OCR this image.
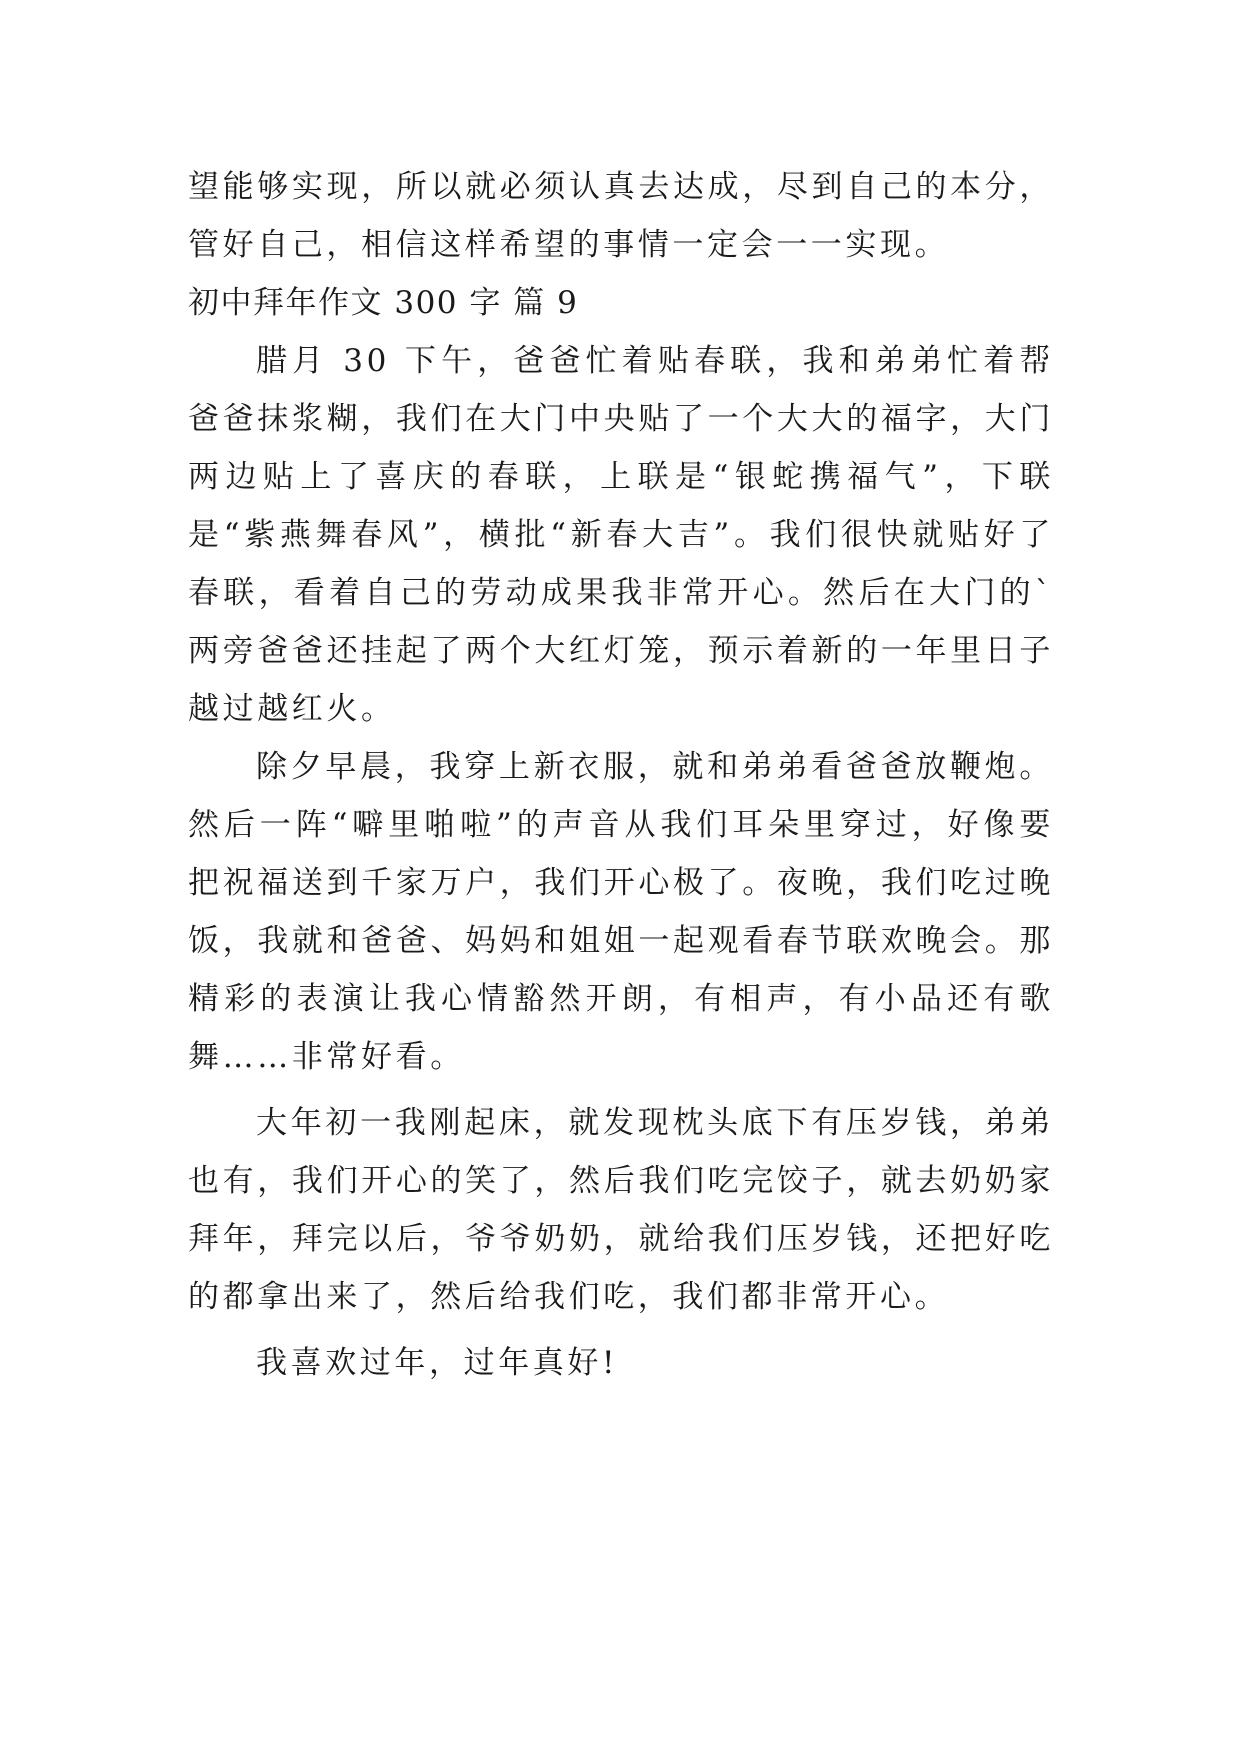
望能够实现，所以就必须认真去达成，尽到自己的本分，管好自己，相信这样希望的事情一定会一一实现。

初中拜年作文 300 字 篇 9

腊月 30 下午，爸爸忙着贴春联，我和弟弟忙着帮爸爸抹浆糊，我们在大门中央贴了一个大大的福字，大门两边贴上了喜庆的春联，上联是“银蛇携福气”，下联是“紫燕舞春风”，横批“新春大吉”。我们很快就贴好了春联，看着自己的劳动成果我非常开心。然后在大门的`两旁爸爸还挂起了两个大红灯笼，预示着新的一年里日子越过越红火。

除夕早晨，我穿上新衣服，就和弟弟看爸爸放鞭炮。然后一阵“噼里啪啦”的声音从我们耳朵里穿过，好像要把祝福送到千家万户，我们开心极了。夜晚，我们吃过晚饭，我就和爸爸、妈妈和姐姐一起观看春节联欢晚会。那精彩的表演让我心情豁然开朗，有相声，有小品还有歌舞……非常好看。

大年初一我刚起床，就发现枕头底下有压岁钱，弟弟也有，我们开心的笑了，然后我们吃完饺子，就去奶奶家拜年，拜完以后，爷爷奶奶，就给我们压岁钱，还把好吃的都拿出来了，然后给我们吃，我们都非常开心。

我喜欢过年，过年真好!
